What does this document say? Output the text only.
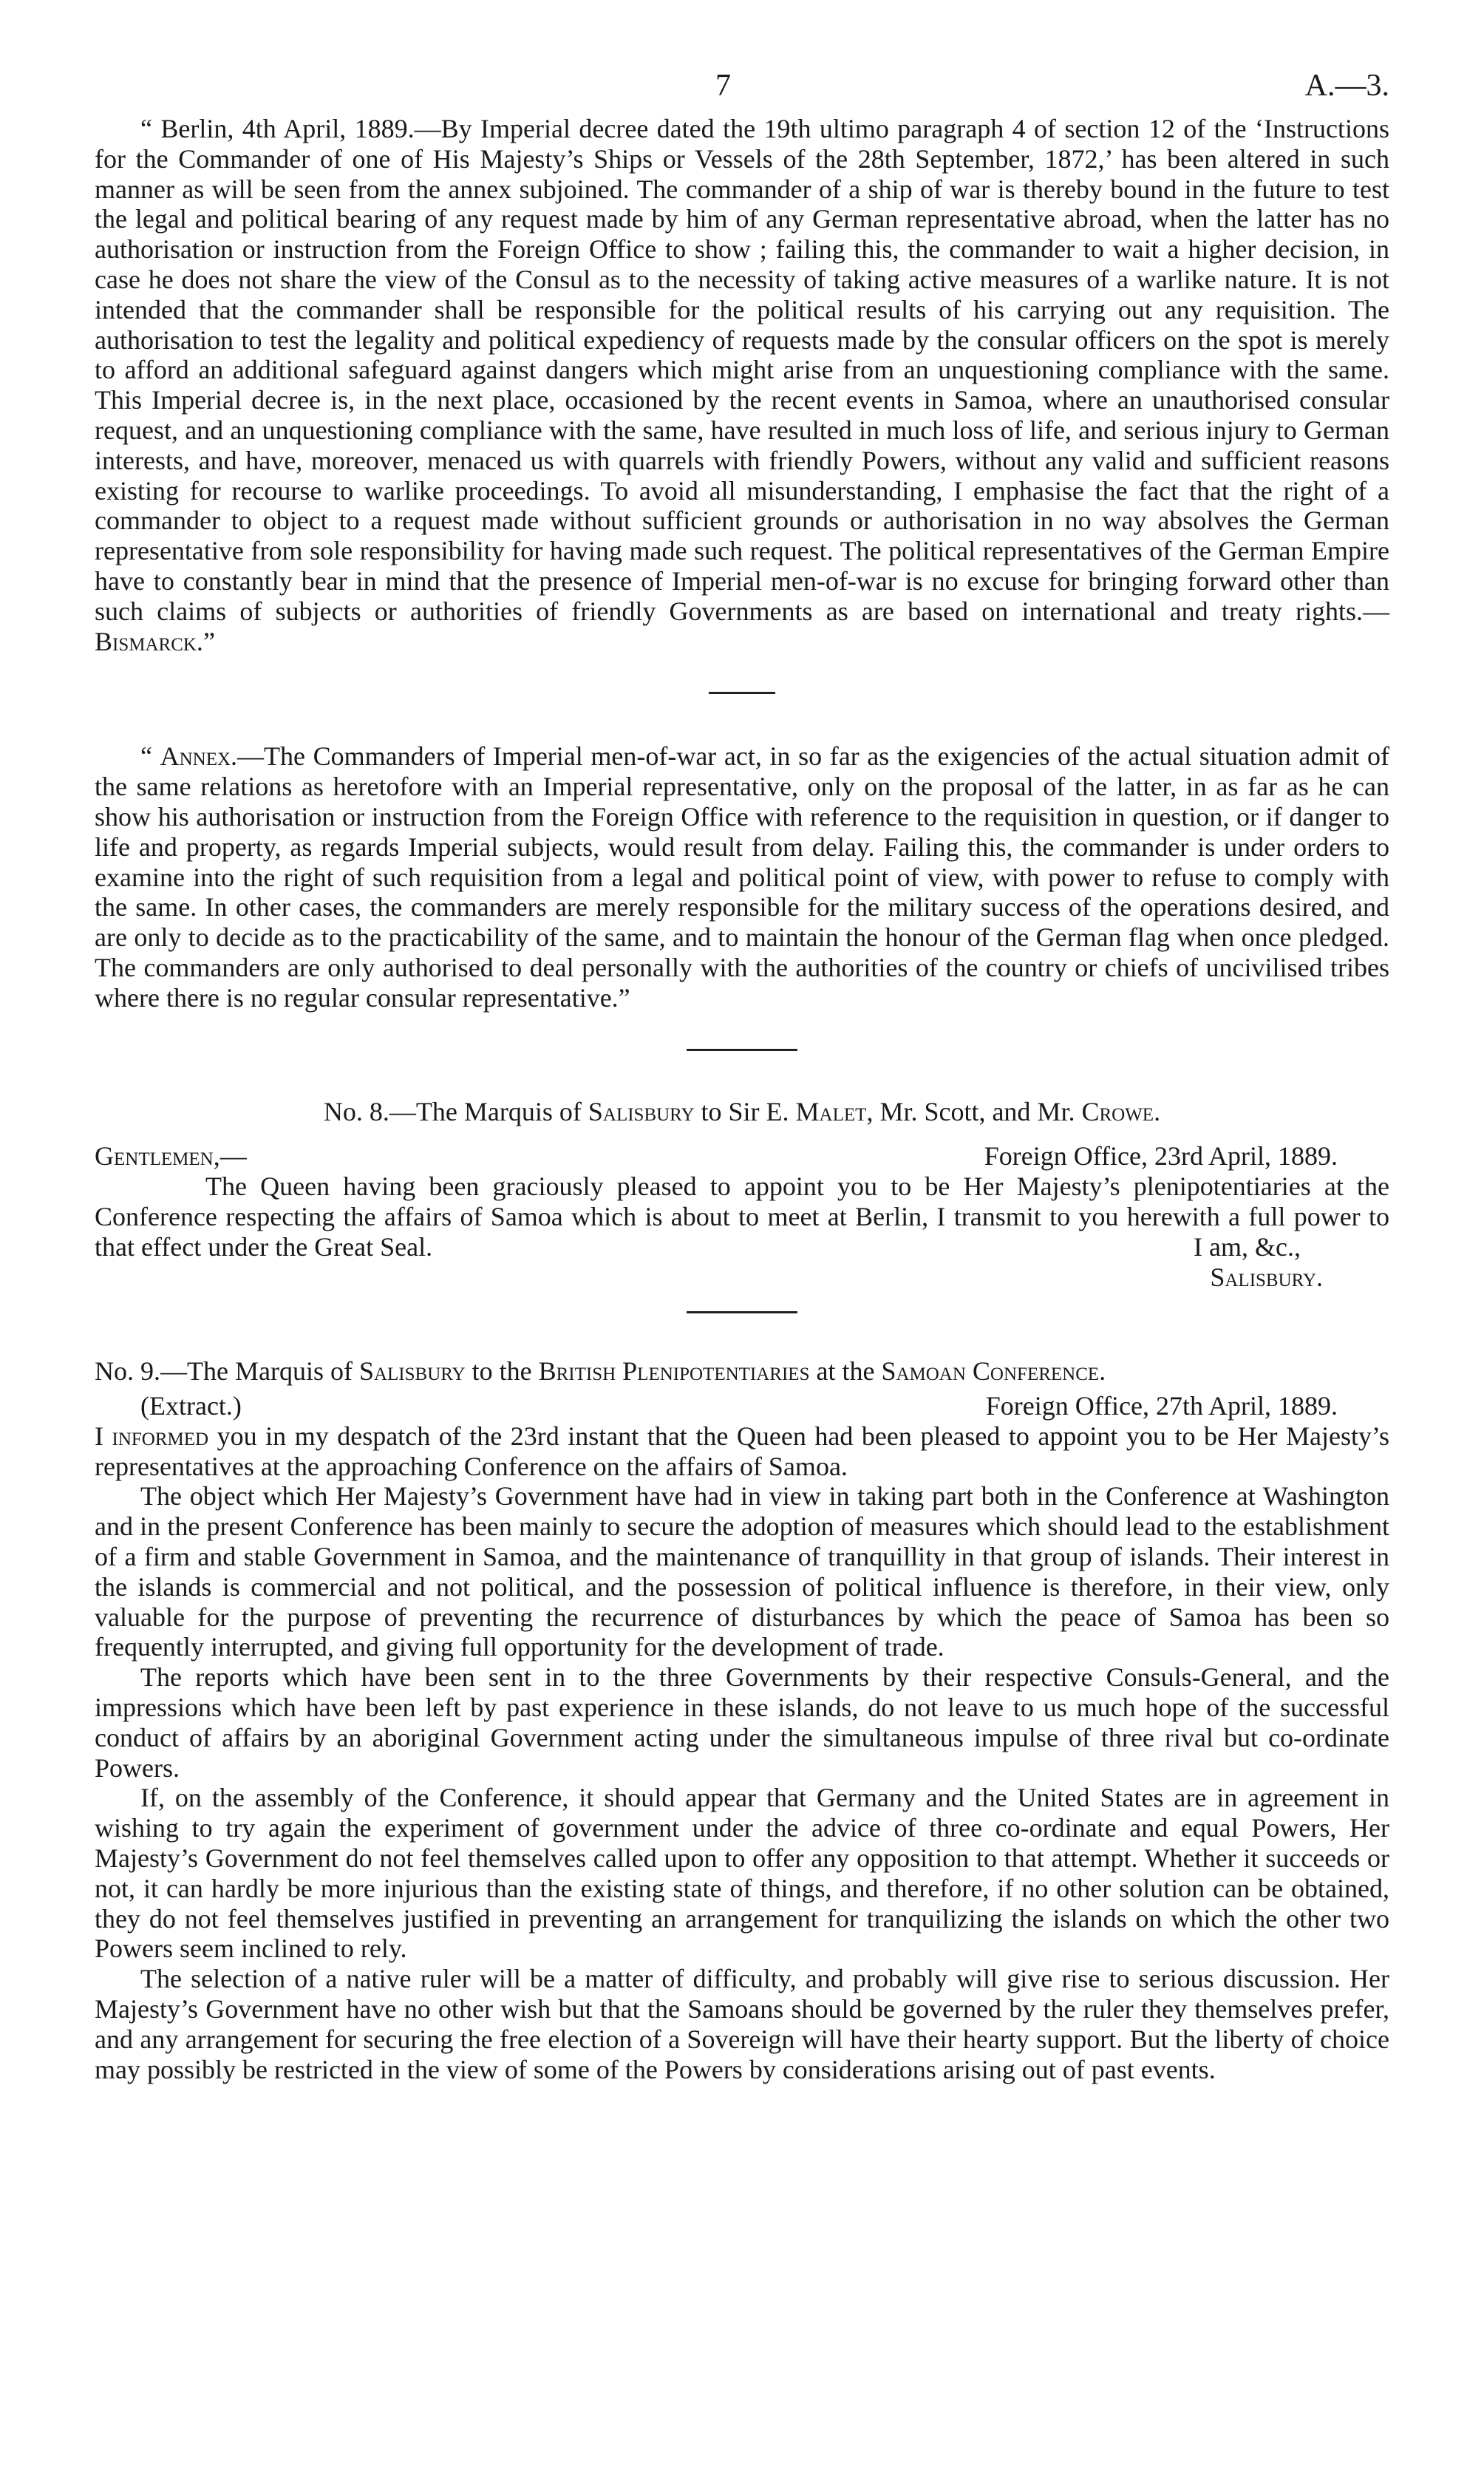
7	A.—3.

“ Berlin, 4th April, 1889.—By Imperial decree dated the 19th ultimo paragraph 4 of section 12 of the ‘Instructions for the Commander of one of His Majesty’s Ships or Vessels of the 28th September, 1872,’ has been altered in such manner as will be seen from the annex subjoined. The commander of a ship of war is thereby bound in the future to test the legal and political bearing of any request made by him of any German representative abroad, when the latter has no authorisation or instruction from the Foreign Office to show ; failing this, the commander to wait a higher decision, in case he does not share the view of the Consul as to the necessity of taking active measures of a warlike nature. It is not intended that the commander shall be responsible for the political results of his carrying out any requisition. The authorisation to test the legality and political expediency of requests made by the consular officers on the spot is merely to afford an additional safeguard against dangers which might arise from an unquestioning compliance with the same. This Imperial decree is, in the next place, occasioned by the recent events in Samoa, where an unauthorised consular request, and an unquestioning compliance with the same, have resulted in much loss of life, and serious injury to German interests, and have, moreover, menaced us with quarrels with friendly Powers, without any valid and sufficient reasons existing for recourse to warlike proceedings. To avoid all misunderstanding, I emphasise the fact that the right of a commander to object to a request made without sufficient grounds or authorisation in no way absolves the German representative from sole responsibility for having made such request. The political representatives of the German Empire have to constantly bear in mind that the presence of Imperial men-of-war is no excuse for bringing forward other than such claims of subjects or authorities of friendly Governments as are based on international and treaty rights.—Bismarck.”

“ Annex.—The Commanders of Imperial men-of-war act, in so far as the exigencies of the actual situation admit of the same relations as heretofore with an Imperial representative, only on the proposal of the latter, in as far as he can show his authorisation or instruction from the Foreign Office with reference to the requisition in question, or if danger to life and property, as regards Imperial subjects, would result from delay. Failing this, the commander is under orders to examine into the right of such requisition from a legal and political point of view, with power to refuse to comply with the same. In other cases, the commanders are merely responsible for the military success of the operations desired, and are only to decide as to the practicability of the same, and to maintain the honour of the German flag when once pledged. The commanders are only authorised to deal personally with the authorities of the country or chiefs of uncivilised tribes where there is no regular consular representative.”

No. 8.—The Marquis of Salisbury to Sir E. Malet, Mr. Scott, and Mr. Crowe.
Gentlemen,—	Foreign Office, 23rd April, 1889.

The Queen having been graciously pleased to appoint you to be Her Majesty’s plenipotentiaries at the Conference respecting the affairs of Samoa which is about to meet at Berlin, I transmit to you herewith a full power to that effect under the Great Seal.	I am, &c.,
Salisbury.
No. 9.—The Marquis of Salisbury to the British Plenipotentiaries at the Samoan Conference.
(Extract.)	Foreign Office, 27th April, 1889.

I informed you in my despatch of the 23rd instant that the Queen had been pleased to appoint you to be Her Majesty’s representatives at the approaching Conference on the affairs of Samoa.

The object which Her Majesty’s Government have had in view in taking part both in the Conference at Washington and in the present Conference has been mainly to secure the adoption of measures which should lead to the establishment of a firm and stable Government in Samoa, and the maintenance of tranquillity in that group of islands. Their interest in the islands is commercial and not political, and the possession of political influence is therefore, in their view, only valuable for the purpose of preventing the recurrence of disturbances by which the peace of Samoa has been so frequently interrupted, and giving full opportunity for the development of trade.

The reports which have been sent in to the three Governments by their respective Consuls-General, and the impressions which have been left by past experience in these islands, do not leave to us much hope of the successful conduct of affairs by an aboriginal Government acting under the simultaneous impulse of three rival but co-ordinate Powers.

If, on the assembly of the Conference, it should appear that Germany and the United States are in agreement in wishing to try again the experiment of government under the advice of three co-ordinate and equal Powers, Her Majesty’s Government do not feel themselves called upon to offer any opposition to that attempt. Whether it succeeds or not, it can hardly be more injurious than the existing state of things, and therefore, if no other solution can be obtained, they do not feel themselves justified in preventing an arrangement for tranquilizing the islands on which the other two Powers seem inclined to rely.

The selection of a native ruler will be a matter of difficulty, and probably will give rise to serious discussion. Her Majesty’s Government have no other wish but that the Samoans should be governed by the ruler they themselves prefer, and any arrangement for securing the free election of a Sovereign will have their hearty support. But the liberty of choice may possibly be restricted in the view of some of the Powers by considerations arising out of past events.
